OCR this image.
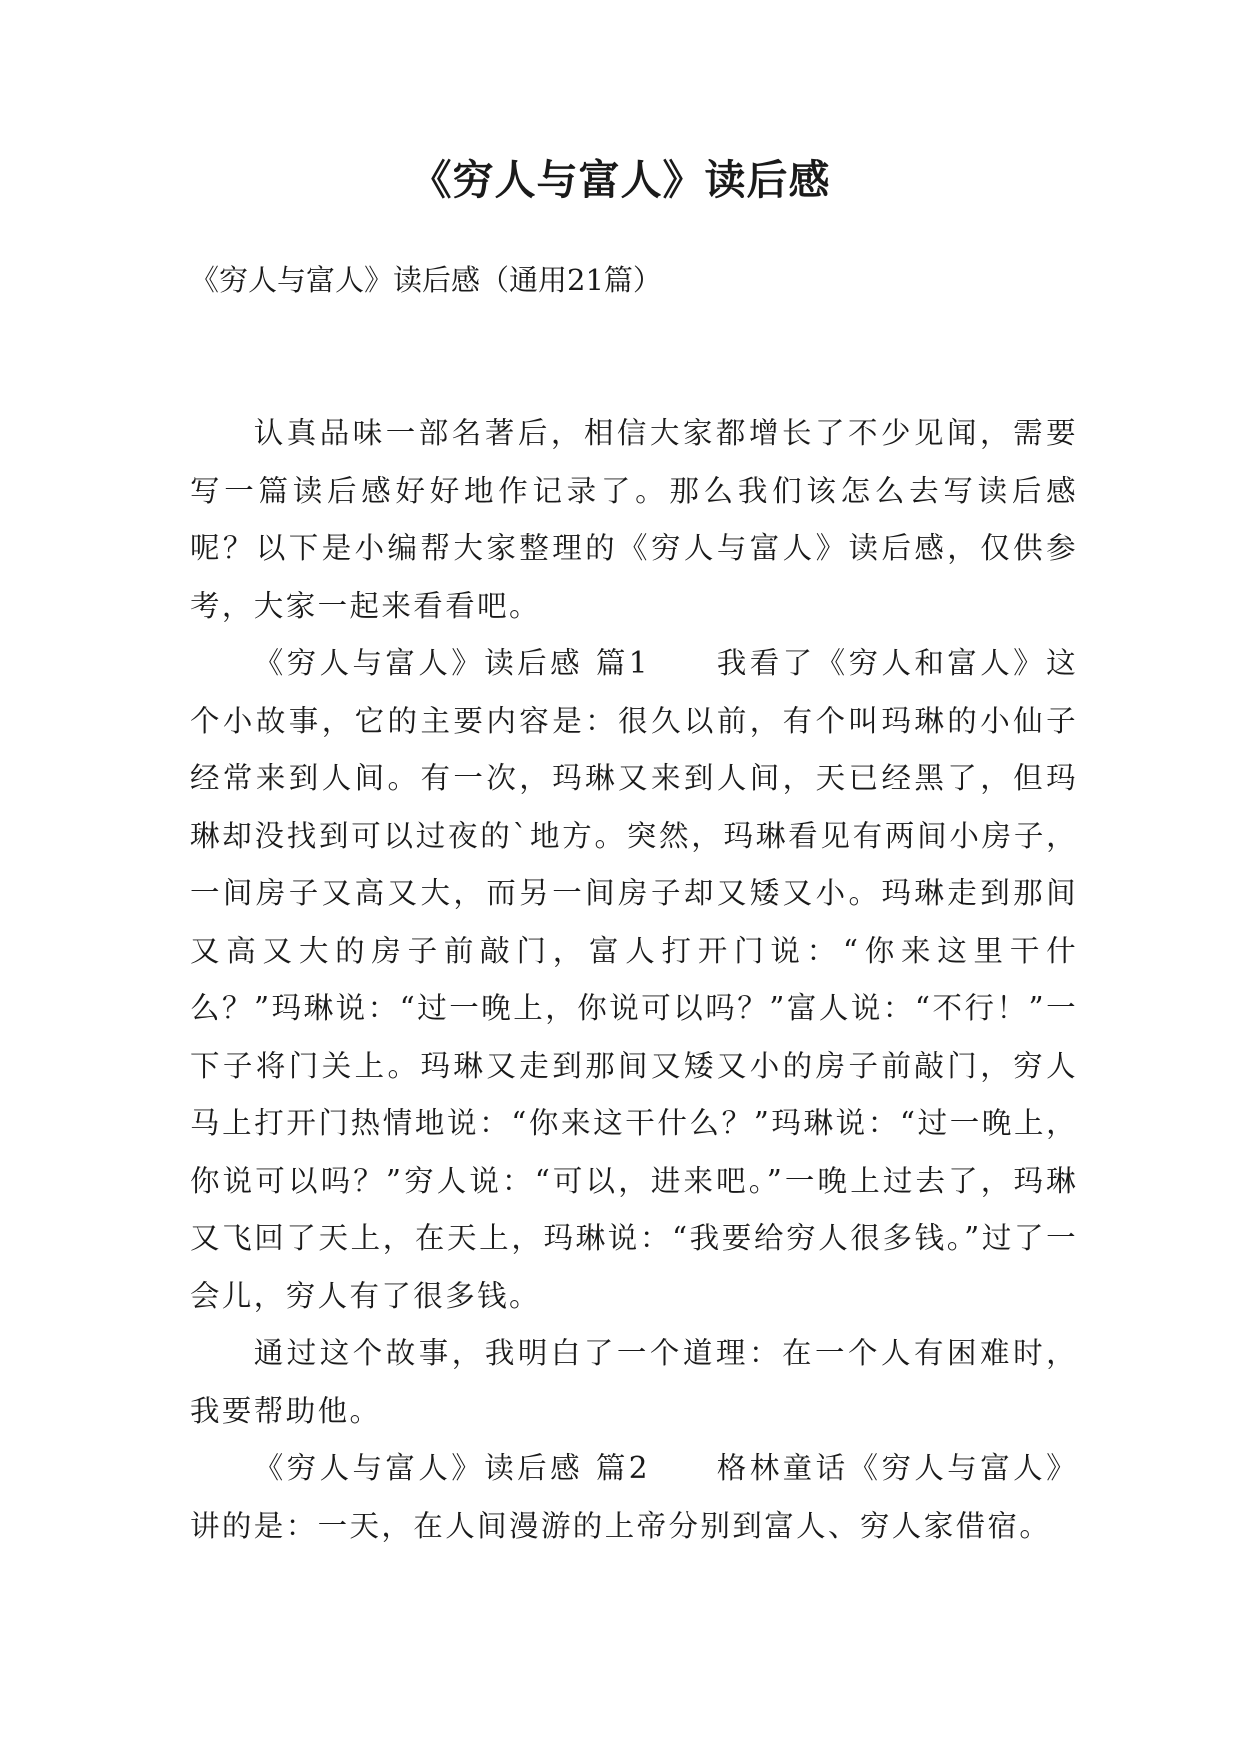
《穷人与富人》读后感

《穷人与富人》读后感（通用21篇）

认真品味一部名著后，相信大家都增长了不少见闻，需要写一篇读后感好好地作记录了。那么我们该怎么去写读后感呢？以下是小编帮大家整理的《穷人与富人》读后感，仅供参考，大家一起来看看吧。

《穷人与富人》读后感 篇1　　我看了《穷人和富人》这个小故事，它的主要内容是：很久以前，有个叫玛琳的小仙子经常来到人间。有一次，玛琳又来到人间，天已经黑了，但玛琳却没找到可以过夜的`地方。突然，玛琳看见有两间小房子，一间房子又高又大，而另一间房子却又矮又小。玛琳走到那间又高又大的房子前敲门，富人打开门说：“你来这里干什么？”玛琳说：“过一晚上，你说可以吗？”富人说：“不行！”一下子将门关上。玛琳又走到那间又矮又小的房子前敲门，穷人马上打开门热情地说：“你来这干什么？”玛琳说：“过一晚上，你说可以吗？”穷人说：“可以，进来吧。”一晚上过去了，玛琳又飞回了天上，在天上，玛琳说：“我要给穷人很多钱。”过了一会儿，穷人有了很多钱。

通过这个故事，我明白了一个道理：在一个人有困难时，我要帮助他。

《穷人与富人》读后感 篇2　　格林童话《穷人与富人》讲的是：一天，在人间漫游的上帝分别到富人、穷人家借宿。
